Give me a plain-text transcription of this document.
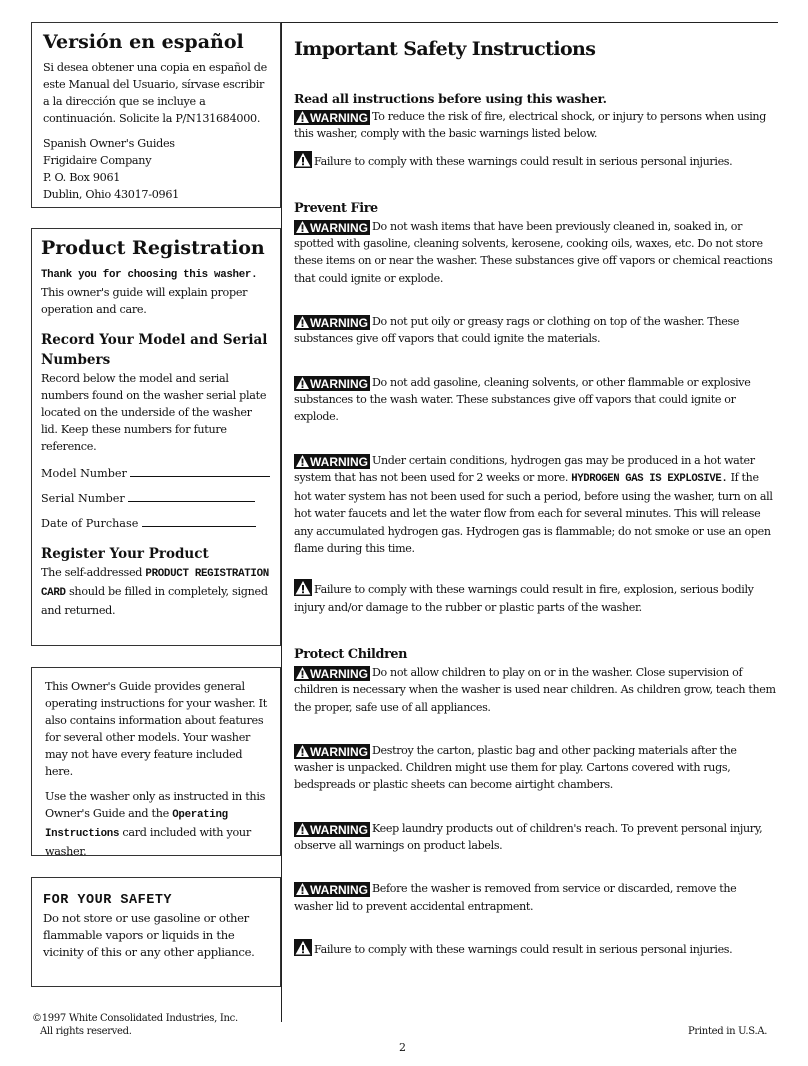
Versión en español

Si desea obtener una copia en español de este Manual del Usuario, sírvase escribir a la dirección que se incluye a continuación. Solicite la P/N131684000.

Spanish Owner's Guides
Frigidaire Company
P. O. Box 9061
Dublin, Ohio 43017-0961
Product Registration

Thank you for choosing this washer. This owner's guide will explain proper operation and care.

Record Your Model and Serial Numbers

Record below the model and serial numbers found on the washer serial plate located on the underside of the washer lid. Keep these numbers for future reference.

Model Number
Serial Number
Date of Purchase
Register Your Product

The self-addressed PRODUCT REGISTRATION CARD should be filled in completely, signed and returned.

This Owner's Guide provides general operating instructions for your washer. It also contains information about features for several other models. Your washer may not have every feature included here.

Use the washer only as instructed in this Owner's Guide and the Operating Instructions card included with your washer.

FOR YOUR SAFETY

Do not store or use gasoline or other flammable vapors or liquids in the vicinity of this or any other appliance.

Important Safety Instructions
Read all instructions before using this washer.

WARNING To reduce the risk of fire, electrical shock, or injury to persons when using this washer, comply with the basic warnings listed below.

Failure to comply with these warnings could result in serious personal injuries.

Prevent Fire

WARNING Do not wash items that have been previously cleaned in, soaked in, or spotted with gasoline, cleaning solvents, kerosene, cooking oils, waxes, etc. Do not store these items on or near the washer. These substances give off vapors or chemical reactions that could ignite or explode.

WARNING Do not put oily or greasy rags or clothing on top of the washer. These substances give off vapors that could ignite the materials.

WARNING Do not add gasoline, cleaning solvents, or other flammable or explosive substances to the wash water. These substances give off vapors that could ignite or explode.

WARNING Under certain conditions, hydrogen gas may be produced in a hot water system that has not been used for 2 weeks or more. HYDROGEN GAS IS EXPLOSIVE. If the hot water system has not been used for such a period, before using the washer, turn on all hot water faucets and let the water flow from each for several minutes. This will release any accumulated hydrogen gas. Hydrogen gas is flammable; do not smoke or use an open flame during this time.

Failure to comply with these warnings could result in fire, explosion, serious bodily injury and/or damage to the rubber or plastic parts of the washer.

Protect Children

WARNING Do not allow children to play on or in the washer. Close supervision of children is necessary when the washer is used near children. As children grow, teach them the proper, safe use of all appliances.

WARNING Destroy the carton, plastic bag and other packing materials after the washer is unpacked. Children might use them for play. Cartons covered with rugs, bedspreads or plastic sheets can become airtight chambers.

WARNING Keep laundry products out of children's reach. To prevent personal injury, observe all warnings on product labels.

WARNING Before the washer is removed from service or discarded, remove the washer lid to prevent accidental entrapment.

Failure to comply with these warnings could result in serious personal injuries.

©1997 White Consolidated Industries, Inc.
All rights reserved.	Printed in U.S.A.
2
